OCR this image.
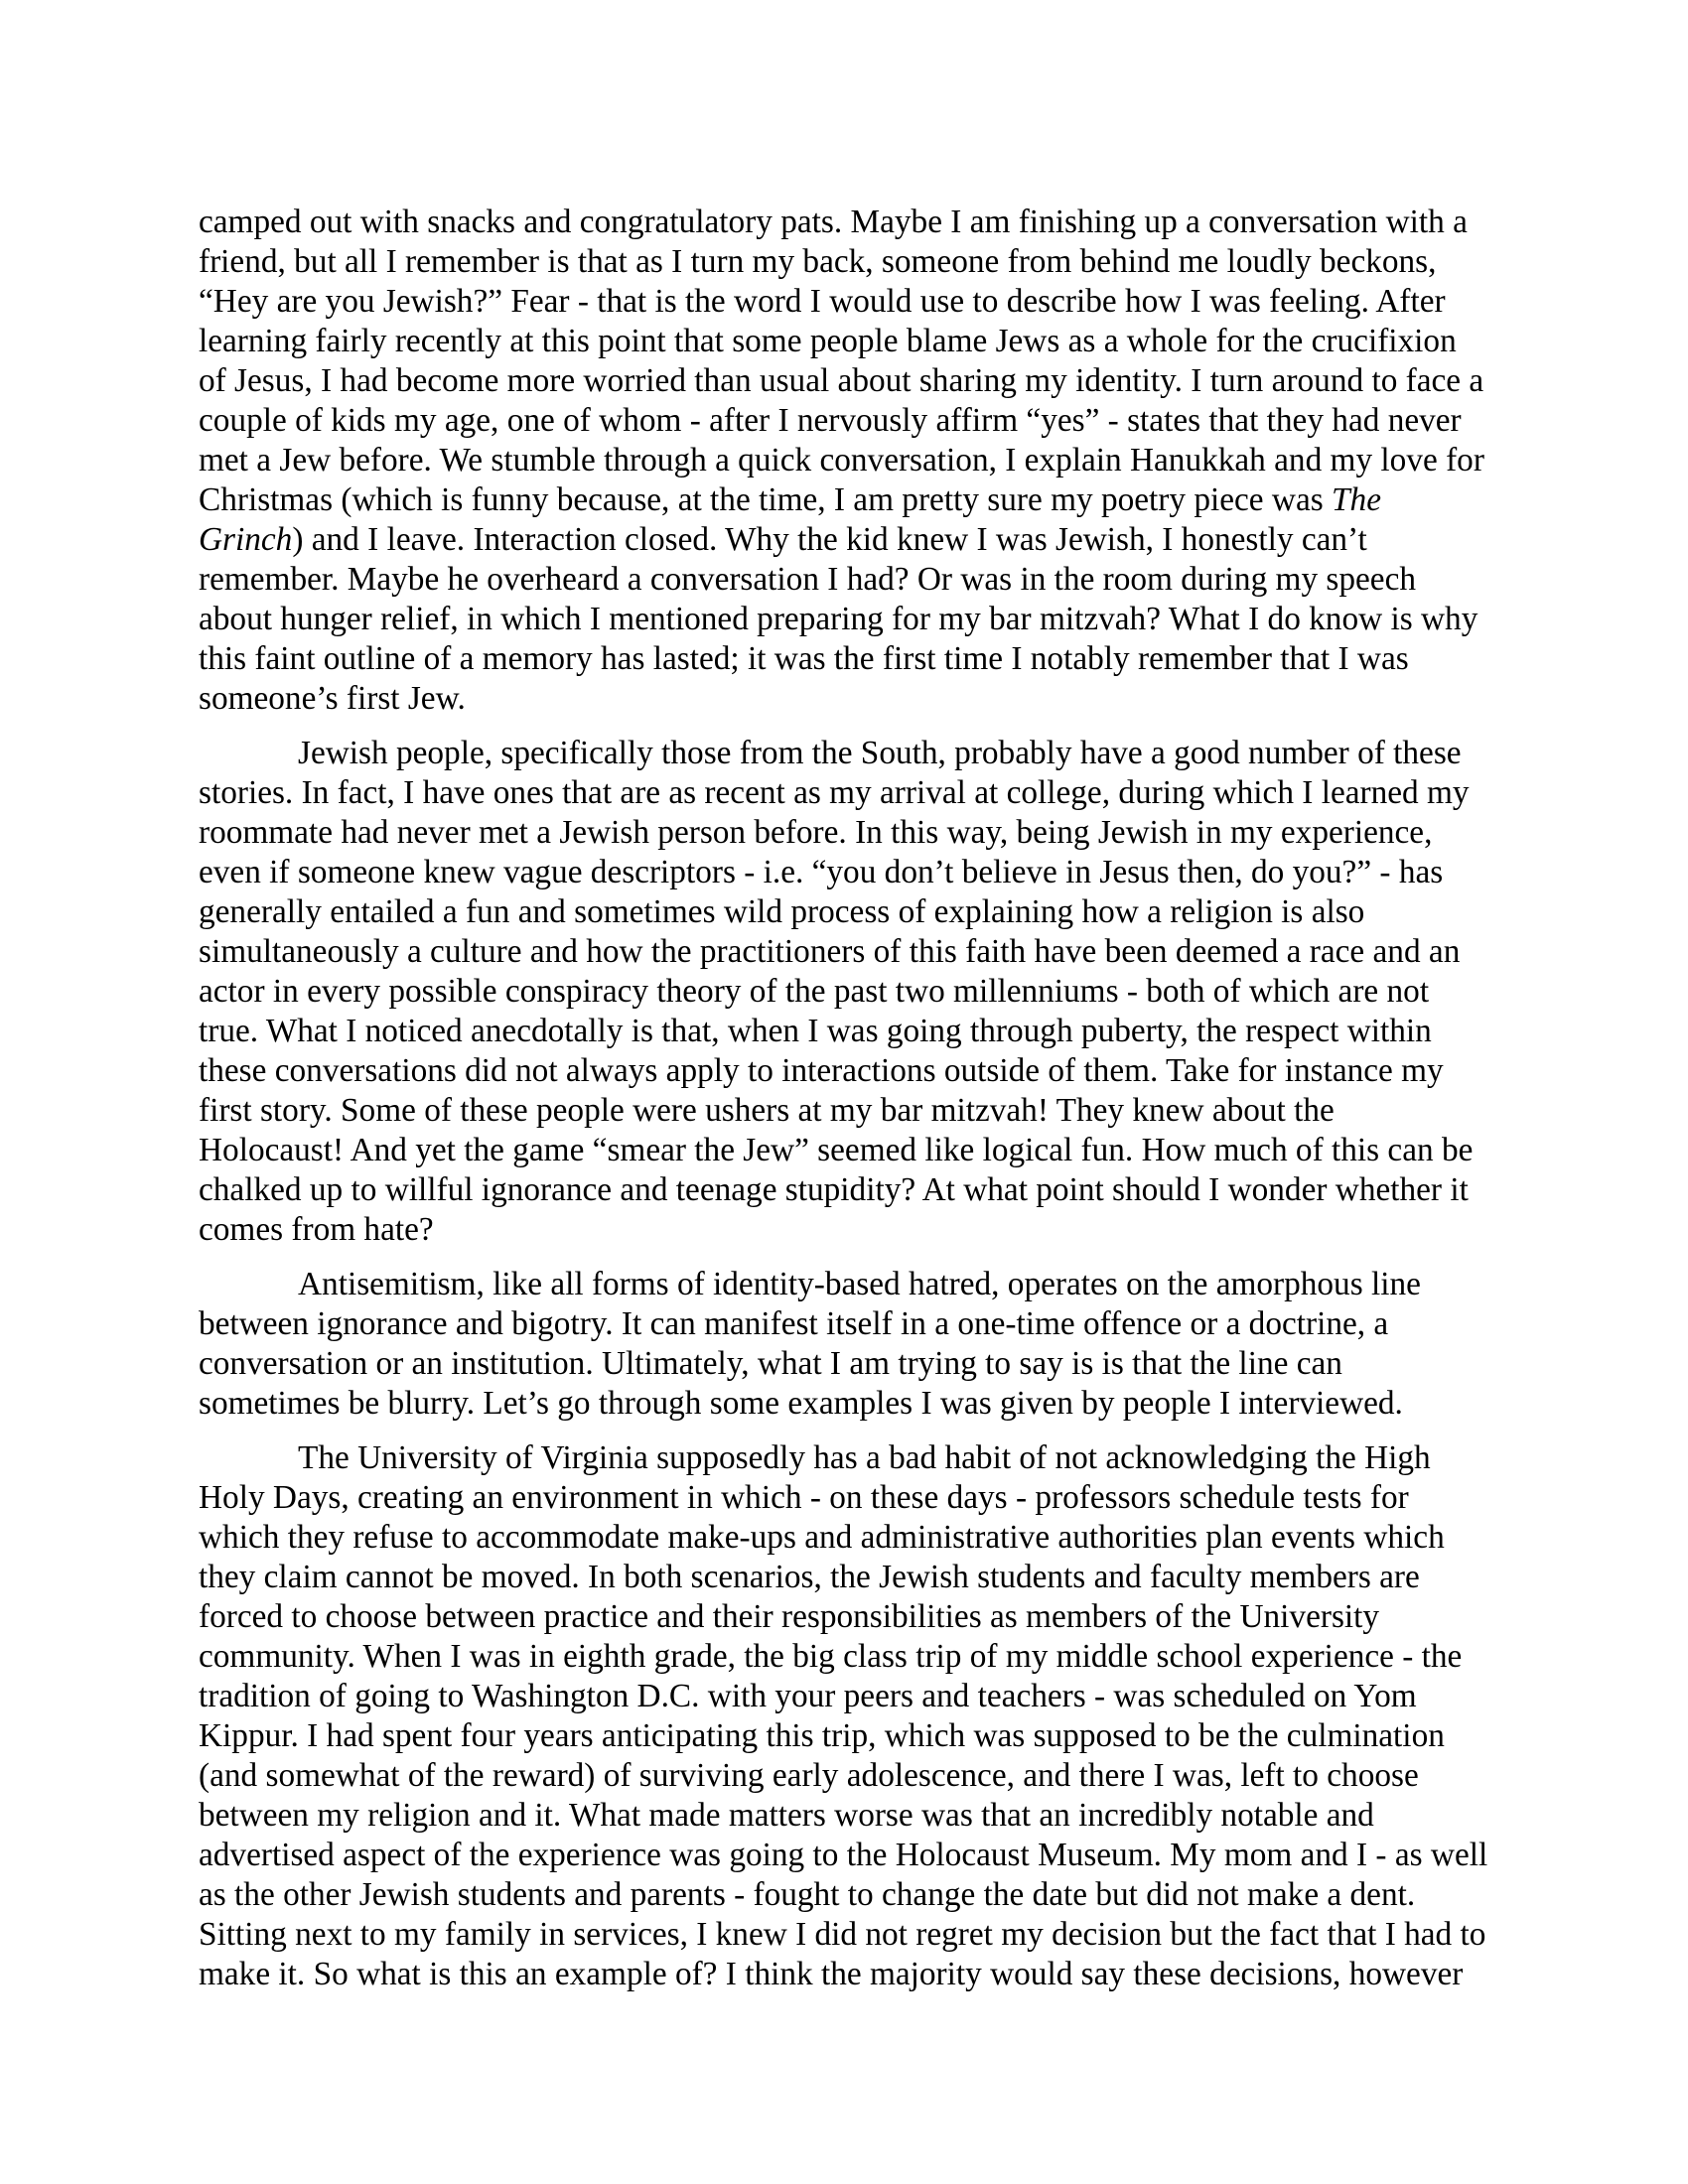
camped out with snacks and congratulatory pats. Maybe I am finishing up a conversation with a
friend, but all I remember is that as I turn my back, someone from behind me loudly beckons,
“Hey are you Jewish?” Fear - that is the word I would use to describe how I was feeling. After
learning fairly recently at this point that some people blame Jews as a whole for the crucifixion
of Jesus, I had become more worried than usual about sharing my identity. I turn around to face a
couple of kids my age, one of whom - after I nervously affirm “yes” - states that they had never
met a Jew before. We stumble through a quick conversation, I explain Hanukkah and my love for
Christmas (which is funny because, at the time, I am pretty sure my poetry piece was The
Grinch) and I leave. Interaction closed. Why the kid knew I was Jewish, I honestly can’t
remember. Maybe he overheard a conversation I had? Or was in the room during my speech
about hunger relief, in which I mentioned preparing for my bar mitzvah? What I do know is why
this faint outline of a memory has lasted; it was the first time I notably remember that I was
someone’s first Jew.

Jewish people, specifically those from the South, probably have a good number of these
stories. In fact, I have ones that are as recent as my arrival at college, during which I learned my
roommate had never met a Jewish person before. In this way, being Jewish in my experience,
even if someone knew vague descriptors - i.e. “you don’t believe in Jesus then, do you?” - has
generally entailed a fun and sometimes wild process of explaining how a religion is also
simultaneously a culture and how the practitioners of this faith have been deemed a race and an
actor in every possible conspiracy theory of the past two millenniums - both of which are not
true. What I noticed anecdotally is that, when I was going through puberty, the respect within
these conversations did not always apply to interactions outside of them. Take for instance my
first story. Some of these people were ushers at my bar mitzvah! They knew about the
Holocaust! And yet the game “smear the Jew” seemed like logical fun. How much of this can be
chalked up to willful ignorance and teenage stupidity? At what point should I wonder whether it
comes from hate?

Antisemitism, like all forms of identity-based hatred, operates on the amorphous line
between ignorance and bigotry. It can manifest itself in a one-time offence or a doctrine, a
conversation or an institution. Ultimately, what I am trying to say is is that the line can
sometimes be blurry. Let’s go through some examples I was given by people I interviewed.

The University of Virginia supposedly has a bad habit of not acknowledging the High
Holy Days, creating an environment in which - on these days - professors schedule tests for
which they refuse to accommodate make-ups and administrative authorities plan events which
they claim cannot be moved. In both scenarios, the Jewish students and faculty members are
forced to choose between practice and their responsibilities as members of the University
community. When I was in eighth grade, the big class trip of my middle school experience - the
tradition of going to Washington D.C. with your peers and teachers - was scheduled on Yom
Kippur. I had spent four years anticipating this trip, which was supposed to be the culmination
(and somewhat of the reward) of surviving early adolescence, and there I was, left to choose
between my religion and it. What made matters worse was that an incredibly notable and
advertised aspect of the experience was going to the Holocaust Museum. My mom and I - as well
as the other Jewish students and parents - fought to change the date but did not make a dent.
Sitting next to my family in services, I knew I did not regret my decision but the fact that I had to
make it. So what is this an example of? I think the majority would say these decisions, however
